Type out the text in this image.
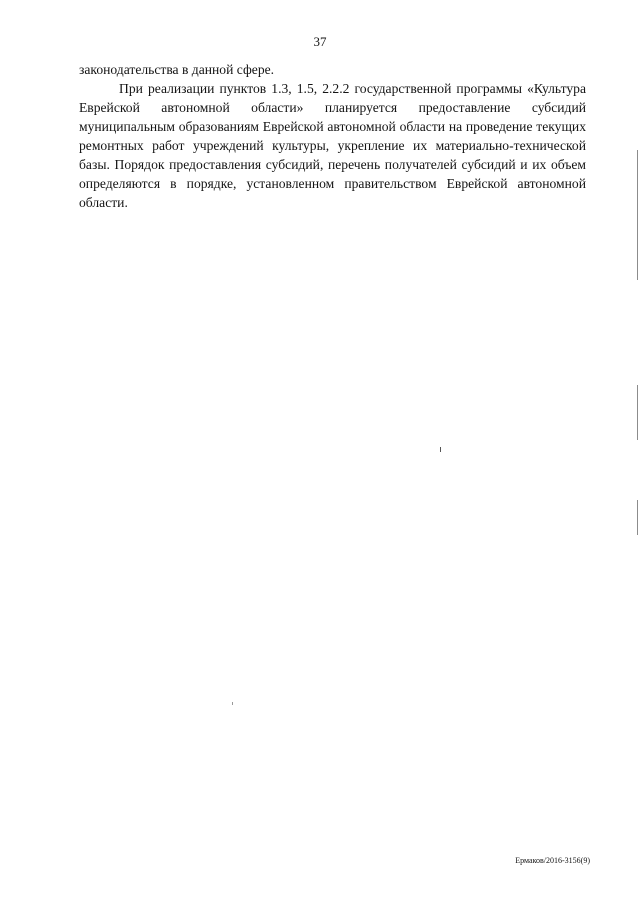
37

законодательства в данной сфере.

При реализации пунктов 1.3, 1.5, 2.2.2 государственной программы «Культура Еврейской автономной области» планируется предоставление субсидий муниципальным образованиям Еврейской автономной области на проведение текущих ремонтных работ учреждений культуры, укрепление их материально-технической базы. Порядок предоставления субсидий, перечень получателей субсидий и их объем определяются в порядке, установленном правительством Еврейской автономной области.

Ермаков/2016-3156(9)
